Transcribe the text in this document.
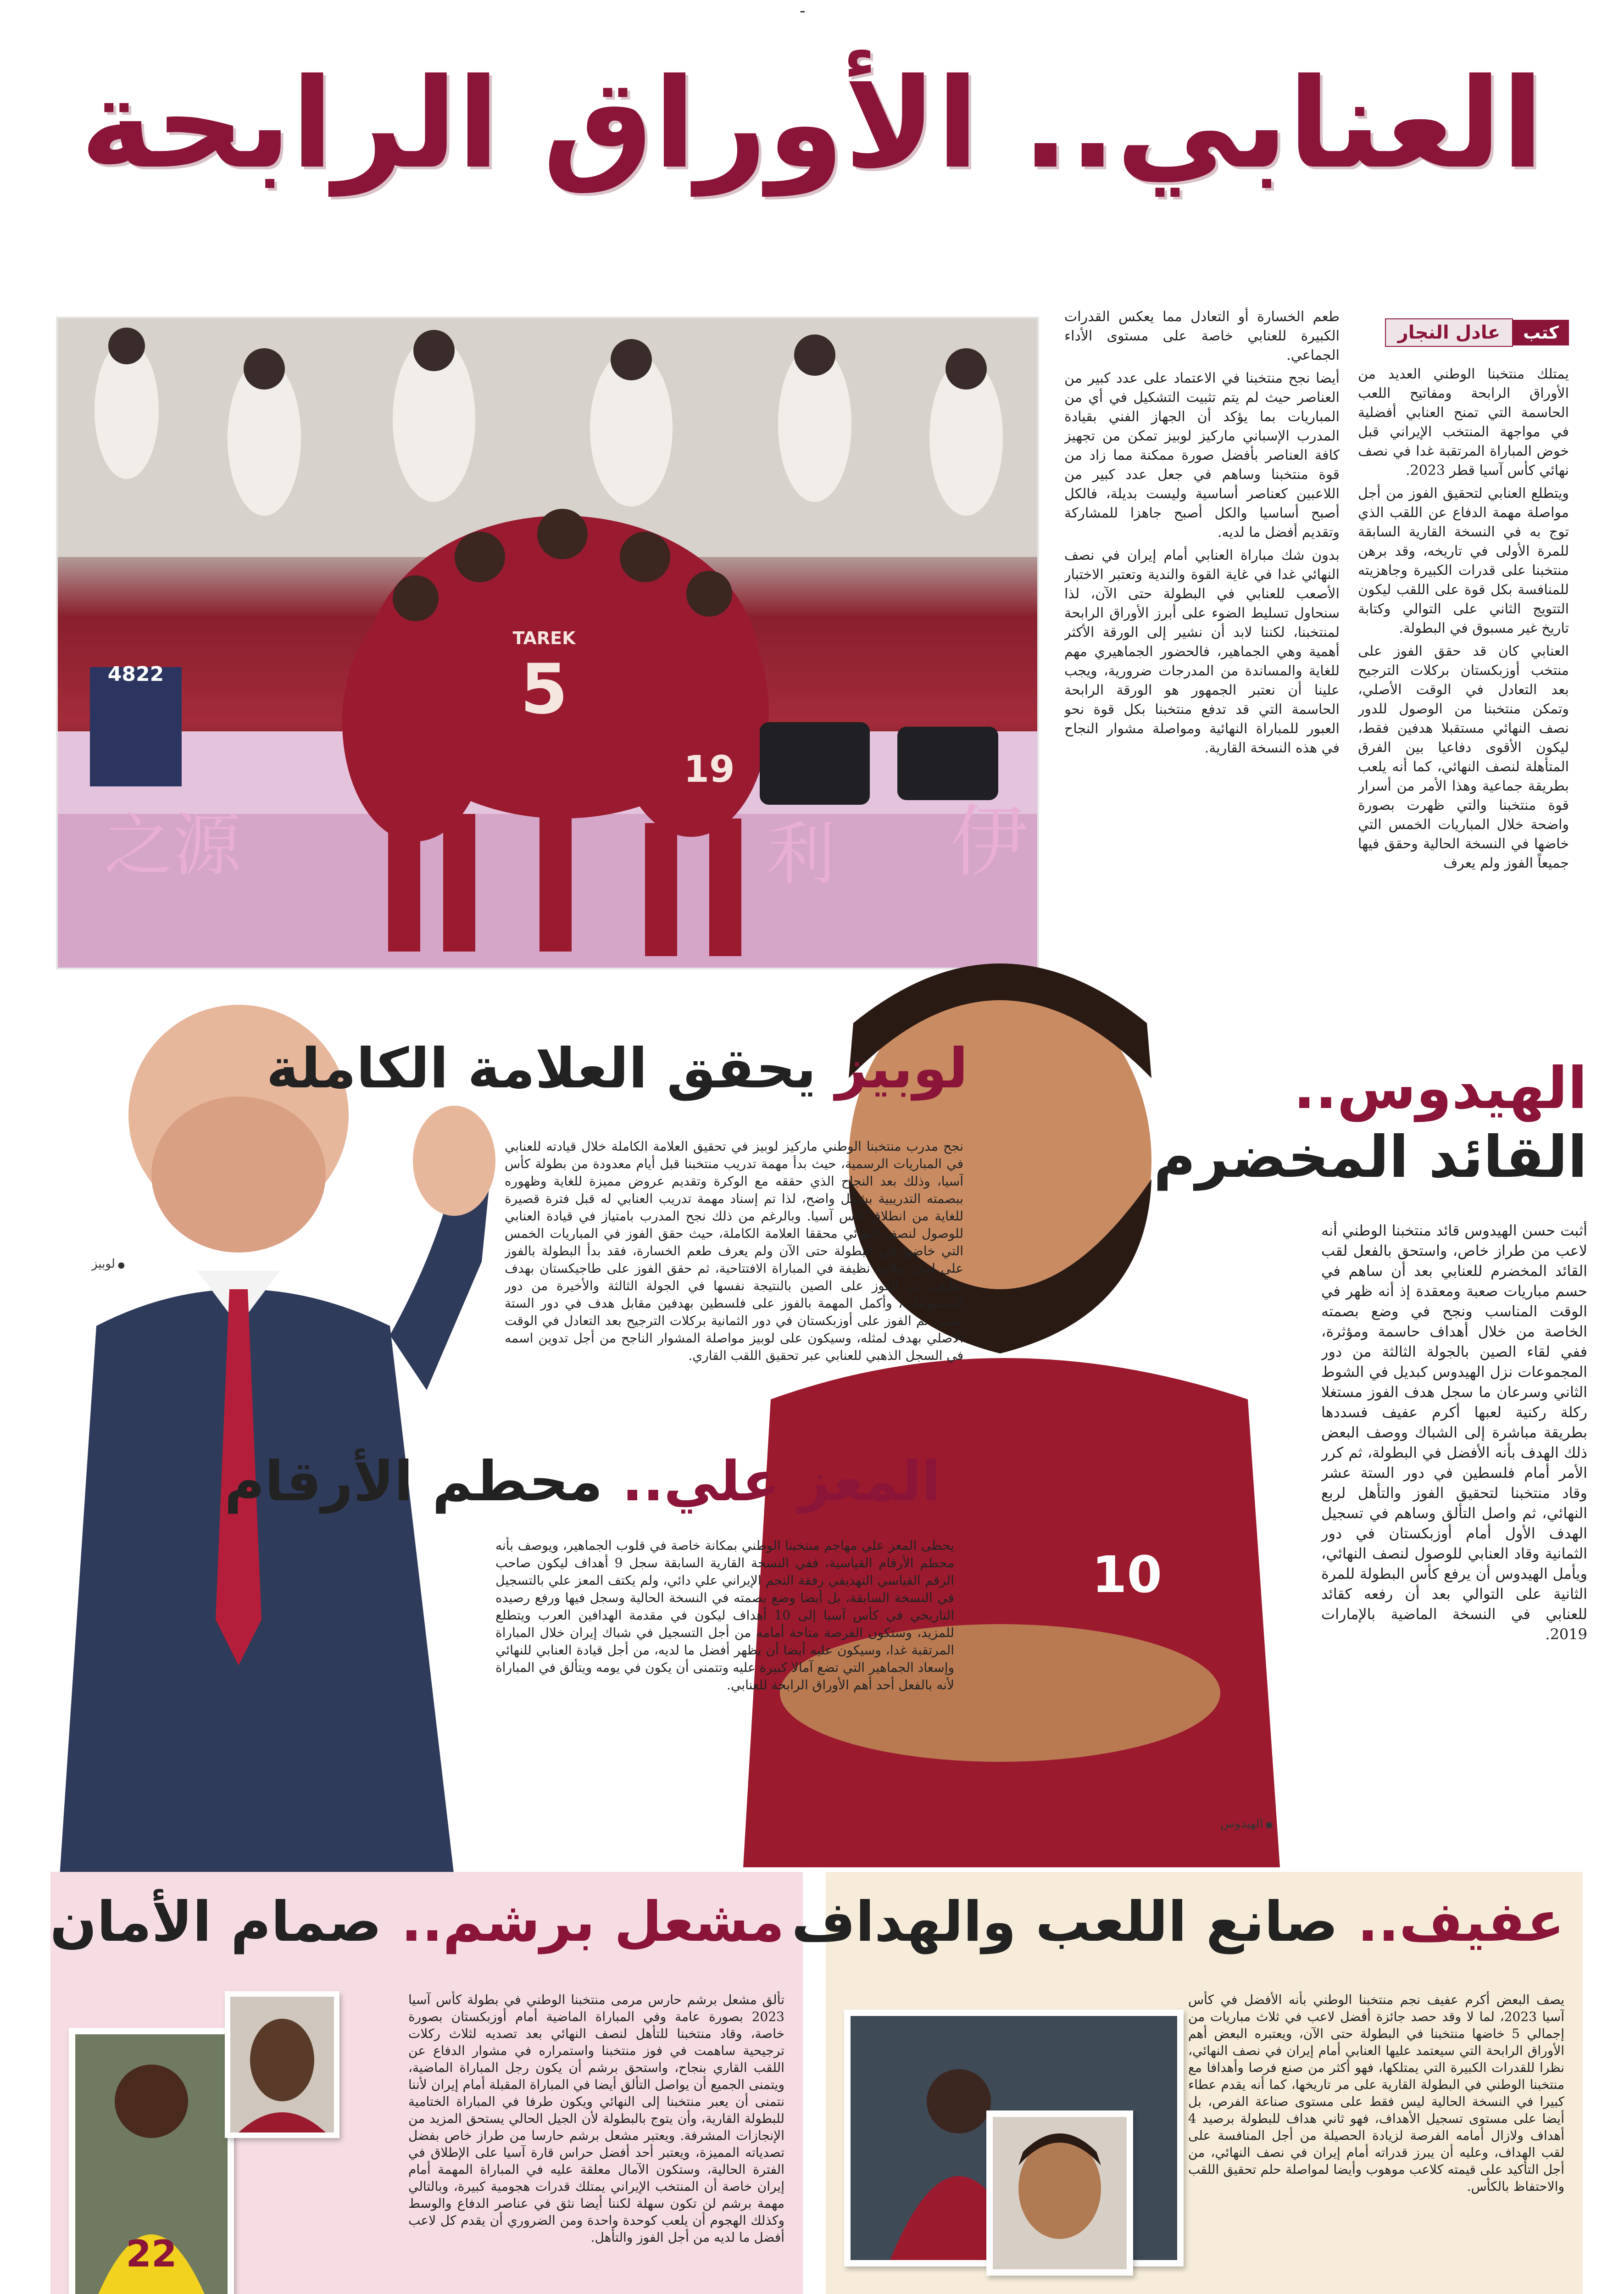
ـ
العنابي.. الأوراق الرابحة
كتب
عادل النجار

يمتلك منتخبنا الوطني العديد من الأوراق الرابحة ومفاتيح اللعب الحاسمة التي تمنح العنابي أفضلية في مواجهة المنتخب الإيراني قبل خوض المباراة المرتقبة غدا في نصف نهائي كأس آسيا قطر 2023.

ويتطلع العنابي لتحقيق الفوز من أجل مواصلة مهمة الدفاع عن اللقب الذي توج به في النسخة القارية السابقة للمرة الأولى في تاريخه، وقد برهن منتخبنا على قدرات الكبيرة وجاهزيته للمنافسة بكل قوة على اللقب ليكون التتويج الثاني على التوالي وكتابة تاريخ غير مسبوق في البطولة.

العنابي كان قد حقق الفوز على منتخب أوزبكستان بركلات الترجيح بعد التعادل في الوقت الأصلي، وتمكن منتخبنا من الوصول للدور نصف النهائي مستقبلا هدفين فقط، ليكون الأقوى دفاعيا بين الفرق المتأهلة لنصف النهائي، كما أنه يلعب بطريقة جماعية وهذا الأمر من أسرار قوة منتخبنا والتي ظهرت بصورة واضحة خلال المباريات الخمس التي خاضها في النسخة الحالية وحقق فيها جميعاً الفوز ولم يعرف

طعم الخسارة أو التعادل مما يعكس القدرات الكبيرة للعنابي خاصة على مستوى الأداء الجماعي.

أيضا نجح منتخبنا في الاعتماد على عدد كبير من العناصر حيث لم يتم تثبيت التشكيل في أي من المباريات بما يؤكد أن الجهاز الفني بقيادة المدرب الإسباني ماركيز لوبيز تمكن من تجهيز كافة العناصر بأفضل صورة ممكنة مما زاد من قوة منتخبنا وساهم في جعل عدد كبير من اللاعبين كعناصر أساسية وليست بديلة، فالكل أصبح أساسيا والكل أصبح جاهزا للمشاركة وتقديم أفضل ما لديه.

بدون شك مباراة العنابي أمام إيران في نصف النهائي غدا في غاية القوة والندية وتعتبر الاختبار الأصعب للعنابي في البطولة حتى الآن، لذا سنحاول تسليط الضوء على أبرز الأوراق الرابحة لمنتخبنا، لكننا لابد أن نشير إلى الورقة الأكثر أهمية وهي الجماهير، فالحضور الجماهيري مهم للغاية والمساندة من المدرجات ضرورية، ويجب علينا أن نعتبر الجمهور هو الورقة الرابحة الحاسمة التي قد تدفع منتخبنا بكل قوة نحو العبور للمباراة النهائية ومواصلة مشوار النجاح في هذه النسخة القارية.

TAREK
5
19
4822
之源	利 伊
● لوبيز
10
● الهيدوس
لوبيز يحقق العلامة الكاملة
نجح مدرب منتخبنا الوطني ماركيز لوبيز في تحقيق العلامة الكاملة خلال قيادته للعنابي في المباريات الرسمية، حيث بدأ مهمة تدريب منتخبنا قبل أيام معدودة من بطولة كأس آسيا، وذلك بعد النجاح الذي حققه مع الوكرة وتقديم عروض مميزة للغاية وظهوره ببصمته التدريبية بشكل واضح، لذا تم إسناد مهمة تدريب العنابي له قبل فترة قصيرة للغاية من انطلاق كأس آسيا. وبالرغم من ذلك نجح المدرب بامتياز في قيادة العنابي للوصول لنصف النهائي محققا العلامة الكاملة، حيث حقق الفوز في المباريات الخمس التي خاضها في البطولة حتى الآن ولم يعرف طعم الخسارة، فقد بدأ البطولة بالفوز على لبنان بثلاثية نظيفة في المباراة الافتتاحية، ثم حقق الفوز على طاجيكستان بهدف نظيف، ثم الفوز على الصين بالنتيجة نفسها في الجولة الثالثة والأخيرة من دور المجموعات، وأكمل المهمة بالفوز على فلسطين بهدفين مقابل هدف في دور الستة عشر، ثم الفوز على أوزبكستان في دور الثمانية بركلات الترجيح بعد التعادل في الوقت الأصلي بهدف لمثله، وسيكون على لوبيز مواصلة المشوار الناجح من أجل تدوين اسمه في السجل الذهبي للعنابي عبر تحقيق اللقب القاري.
الهيدوس..
القائد المخضرم
أثبت حسن الهيدوس قائد منتخبنا الوطني أنه لاعب من طراز خاص، واستحق بالفعل لقب القائد المخضرم للعنابي بعد أن ساهم في حسم مباريات صعبة ومعقدة إذ أنه ظهر في الوقت المناسب ونجح في وضع بصمته الخاصة من خلال أهداف حاسمة ومؤثرة، ففي لقاء الصين بالجولة الثالثة من دور المجموعات نزل الهيدوس كبديل في الشوط الثاني وسرعان ما سجل هدف الفوز مستغلا ركلة ركنية لعبها أكرم عفيف فسددها بطريقة مباشرة إلى الشباك ووصف البعض ذلك الهدف بأنه الأفضل في البطولة، ثم كرر الأمر أمام فلسطين في دور الستة عشر وقاد منتخبنا لتحقيق الفوز والتأهل لربع النهائي، ثم واصل التألق وساهم في تسجيل الهدف الأول أمام أوزبكستان في دور الثمانية وقاد العنابي للوصول لنصف النهائي، ويأمل الهيدوس أن يرفع كأس البطولة للمرة الثانية على التوالي بعد أن رفعه كقائد للعنابي في النسخة الماضية بالإمارات 2019.
المعز علي.. محطم الأرقام
يحظى المعز علي مهاجم منتخبنا الوطني بمكانة خاصة في قلوب الجماهير، ويوصف بأنه محطم الأرقام القياسية، ففي النسخة القارية السابقة سجل 9 أهداف ليكون صاحب الرقم القياسي التهديفي رفقة النجم الإيراني علي دائي، ولم يكتف المعز علي بالتسجيل في النسخة السابقة، بل أيضا وضع بصمته في النسخة الحالية وسجل فيها ورفع رصيده التاريخي في كأس آسيا إلى 10 أهداف ليكون في مقدمة الهدافين العرب ويتطلع للمزيد، وستكون الفرصة متاحة أمامه من أجل التسجيل في شباك إيران خلال المباراة المرتقبة غدا، وسيكون عليه أيضا أن يظهر أفضل ما لديه، من أجل قيادة العنابي للنهائي وإسعاد الجماهير التي تضع آمالا كبيرة عليه وتتمنى أن يكون في يومه ويتألق في المباراة لأنه بالفعل أحد أهم الأوراق الرابحة للعنابي.
مشعل برشم.. صمام الأمان
تألق مشعل برشم حارس مرمى منتخبنا الوطني في بطولة كأس آسيا 2023 بصورة عامة وفي المباراة الماضية أمام أوزبكستان بصورة خاصة، وقاد منتخبنا للتأهل لنصف النهائي بعد تصديه لثلاث ركلات ترجيحية ساهمت في فوز منتخبنا واستمراره في مشوار الدفاع عن اللقب القاري بنجاح، واستحق برشم أن يكون رجل المباراة الماضية، ويتمنى الجميع أن يواصل التألق أيضا في المباراة المقبلة أمام إيران لأننا نتمنى أن يعبر منتخبنا إلى النهائي ويكون طرفا في المباراة الختامية للبطولة القارية، وأن يتوج بالبطولة لأن الجيل الحالي يستحق المزيد من الإنجازات المشرفة. ويعتبر مشعل برشم حارسا من طراز خاص بفضل تصدياته المميزة، ويعتبر أحد أفضل حراس قارة آسيا على الإطلاق في الفترة الحالية، وستكون الآمال معلقة عليه في المباراة المهمة أمام إيران خاصة أن المنتخب الإيراني يمتلك قدرات هجومية كبيرة، وبالتالي مهمة برشم لن تكون سهلة لكننا أيضا نثق في عناصر الدفاع والوسط وكذلك الهجوم أن يلعب كوحدة واحدة ومن الضروري أن يقدم كل لاعب أفضل ما لديه من أجل الفوز والتأهل.
22
عفيف.. صانع اللعب والهداف
يصف البعض أكرم عفيف نجم منتخبنا الوطني بأنه الأفضل في كأس آسيا 2023، لما لا وقد حصد جائزة أفضل لاعب في ثلاث مباريات من إجمالي 5 خاضها منتخبنا في البطولة حتى الآن، ويعتبره البعض أهم الأوراق الرابحة التي سيعتمد عليها العنابي أمام إيران في نصف النهائي، نظرا للقدرات الكبيرة التي يمتلكها، فهو أكثر من صنع فرصا وأهدافا مع منتخبنا الوطني في البطولة القارية على مر تاريخها، كما أنه يقدم عطاء كبيرا في النسخة الحالية ليس فقط على مستوى صناعة الفرص، بل أيضا على مستوى تسجيل الأهداف، فهو ثاني هداف للبطولة برصيد 4 أهداف ولازال أمامه الفرصة لزيادة الحصيلة من أجل المنافسة على لقب الهداف، وعليه أن يبرز قدراته أمام إيران في نصف النهائي، من أجل التأكيد على قيمته كلاعب موهوب وأيضا لمواصلة حلم تحقيق اللقب والاحتفاظ بالكأس.
